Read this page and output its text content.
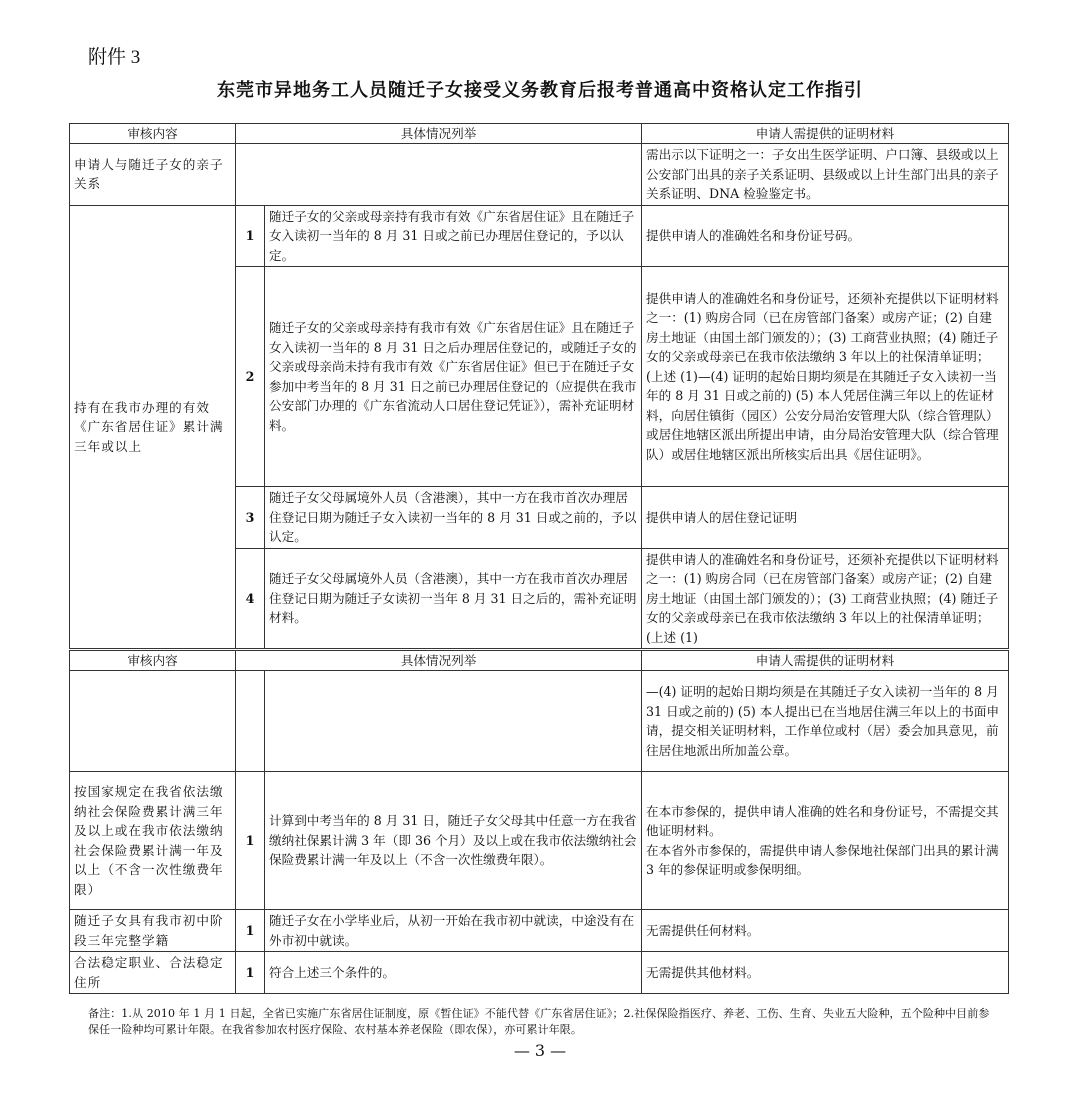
附件 3
东莞市异地务工人员随迁子女接受义务教育后报考普通高中资格认定工作指引
审核内容	具体情况列举		申请人需提供的证明材料
申请人与随迁子女的亲子关系			需出示以下证明之一：子女出生医学证明、户口簿、县级或以上公安部门出具的亲子关系证明、县级或以上计生部门出具的亲子关系证明、DNA 检验鉴定书。
持有在我市办理的有效《广东省居住证》累计满三年或以上	1	随迁子女的父亲或母亲持有我市有效《广东省居住证》且在随迁子女入读初一当年的 8 月 31 日或之前已办理居住登记的，予以认定。	提供申请人的准确姓名和身份证号码。
	2	随迁子女的父亲或母亲持有我市有效《广东省居住证》且在随迁子女入读初一当年的 8 月 31 日之后办理居住登记的，或随迁子女的父亲或母亲尚未持有我市有效《广东省居住证》但已于在随迁子女参加中考当年的 8 月 31 日之前已办理居住登记的（应提供在我市公安部门办理的《广东省流动人口居住登记凭证》），需补充证明材料。	提供申请人的准确姓名和身份证号，还须补充提供以下证明材料之一：(1) 购房合同（已在房管部门备案）或房产证；(2) 自建房土地证（由国土部门颁发的）；(3) 工商营业执照；(4) 随迁子女的父亲或母亲已在我市依法缴纳 3 年以上的社保清单证明；(上述 (1)—(4) 证明的起始日期均须是在其随迁子女入读初一当年的 8 月 31 日或之前的) (5) 本人凭居住满三年以上的佐证材料，向居住镇街（园区）公安分局治安管理大队（综合管理队）或居住地辖区派出所提出申请，由分局治安管理大队（综合管理队）或居住地辖区派出所核实后出具《居住证明》。
	3	随迁子女父母属境外人员（含港澳），其中一方在我市首次办理居住登记日期为随迁子女入读初一当年的 8 月 31 日或之前的，予以认定。	提供申请人的居住登记证明
	4	随迁子女父母属境外人员（含港澳），其中一方在我市首次办理居住登记日期为随迁子女读初一当年 8 月 31 日之后的，需补充证明材料。	提供申请人的准确姓名和身份证号，还须补充提供以下证明材料之一：(1) 购房合同（已在房管部门备案）或房产证；(2) 自建房土地证（由国土部门颁发的）；(3) 工商营业执照；(4) 随迁子女的父亲或母亲已在我市依法缴纳 3 年以上的社保清单证明；(上述 (1)
审核内容	具体情况列举		申请人需提供的证明材料
			—(4) 证明的起始日期均须是在其随迁子女入读初一当年的 8 月 31 日或之前的) (5) 本人提出已在当地居住满三年以上的书面申请，提交相关证明材料，工作单位或村（居）委会加具意见，前往居住地派出所加盖公章。
按国家规定在我省依法缴纳社会保险费累计满三年及以上或在我市依法缴纳社会保险费累计满一年及以上（不含一次性缴费年限）	1	计算到中考当年的 8 月 31 日，随迁子女父母其中任意一方在我省缴纳社保累计满 3 年（即 36 个月）及以上或在我市依法缴纳社会保险费累计满一年及以上（不含一次性缴费年限）。	在本市参保的，提供申请人准确的姓名和身份证号，不需提交其他证明材料。
在本省外市参保的，需提供申请人参保地社保部门出具的累计满 3 年的参保证明或参保明细。

随迁子女具有我市初中阶段三年完整学籍	1	随迁子女在小学毕业后，从初一开始在我市初中就读，中途没有在外市初中就读。	无需提供任何材料。
合法稳定职业、合法稳定住所	1	符合上述三个条件的。	无需提供其他材料。
备注：1.从 2010 年 1 月 1 日起，全省已实施广东省居住证制度，原《暂住证》不能代替《广东省居住证》；2.社保保险指医疗、养老、工伤、生育、失业五大险种，五个险种中目前参保任一险种均可累计年限。在我省参加农村医疗保险、农村基本养老保险（即农保），亦可累计年限。
— 3 —
